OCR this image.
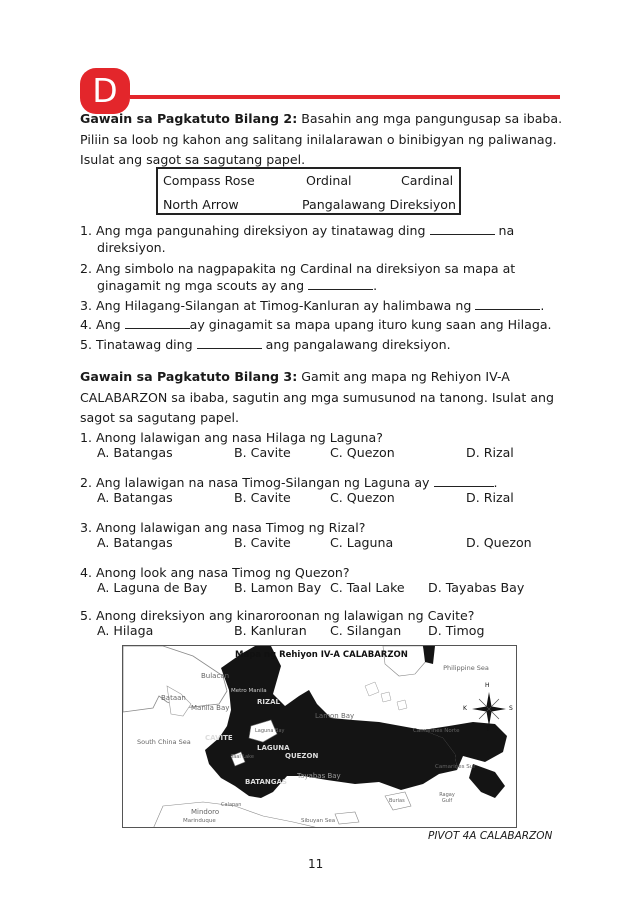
D
Gawain sa Pagkatuto Bilang 2: Basahin ang mga pangungusap sa ibaba.
Piliin sa loob ng kahon ang salitang inilalarawan o binibigyan ng paliwanag.
Isulat ang sagot sa sagutang papel.
Compass Rose	Ordinal	Cardinal
North Arrow	Pangalawang Direksiyon
1. Ang mga pangunahing direksiyon ay tinatawag ding	na
direksiyon.
2. Ang simbolo na nagpapakita ng Cardinal na direksiyon sa mapa at
ginagamit ng mga scouts ay ang	.
3. Ang Hilagang-Silangan at Timog-Kanluran ay halimbawa ng	.
4. Ang	ay ginagamit sa mapa upang ituro kung saan ang Hilaga.
5. Tinatawag ding	ang pangalawang direksiyon.
Gawain sa Pagkatuto Bilang 3: Gamit ang mapa ng Rehiyon IV-A
CALABARZON sa ibaba, sagutin ang mga sumusunod na tanong. Isulat ang
sagot sa sagutang papel.
1. Anong lalawigan ang nasa Hilaga ng Laguna?
A. Batangas	B. Cavite	C. Quezon	D. Rizal
2. Ang lalawigan na nasa Timog-Silangan ng Laguna ay	.
A. Batangas	B. Cavite	C. Quezon	D. Rizal
3. Anong lalawigan ang nasa Timog ng Rizal?
A. Batangas	B. Cavite	C. Laguna	D. Quezon
4. Anong look ang nasa Timog ng Quezon?
A. Laguna de Bay B. Lamon Bay C. Taal Lake D. Tayabas Bay
5. Anong direksiyon ang kinaroroonan ng lalawigan ng Cavite?
A. Hilaga	B. Kanluran C. Silangan D. Timog
Mapa ng Rehiyon IV-A CALABARZON
Bulacan
Bataan
Metro Manila
Manila Bay
RIZAL
South China Sea CAVITE
Laguna Bay
LAGUNA
Taal Lake	QUEZON
BATANGAS
Lamon Bay
Tayabas Bay
Philippine Sea
Camarines Norte
Camarines Sur
Ragay Gulf
Marinduque
Burias
Calapan
Mindoro
Sibuyan Sea
H
T
S
K
PIVOT 4A CALABARZON
11
